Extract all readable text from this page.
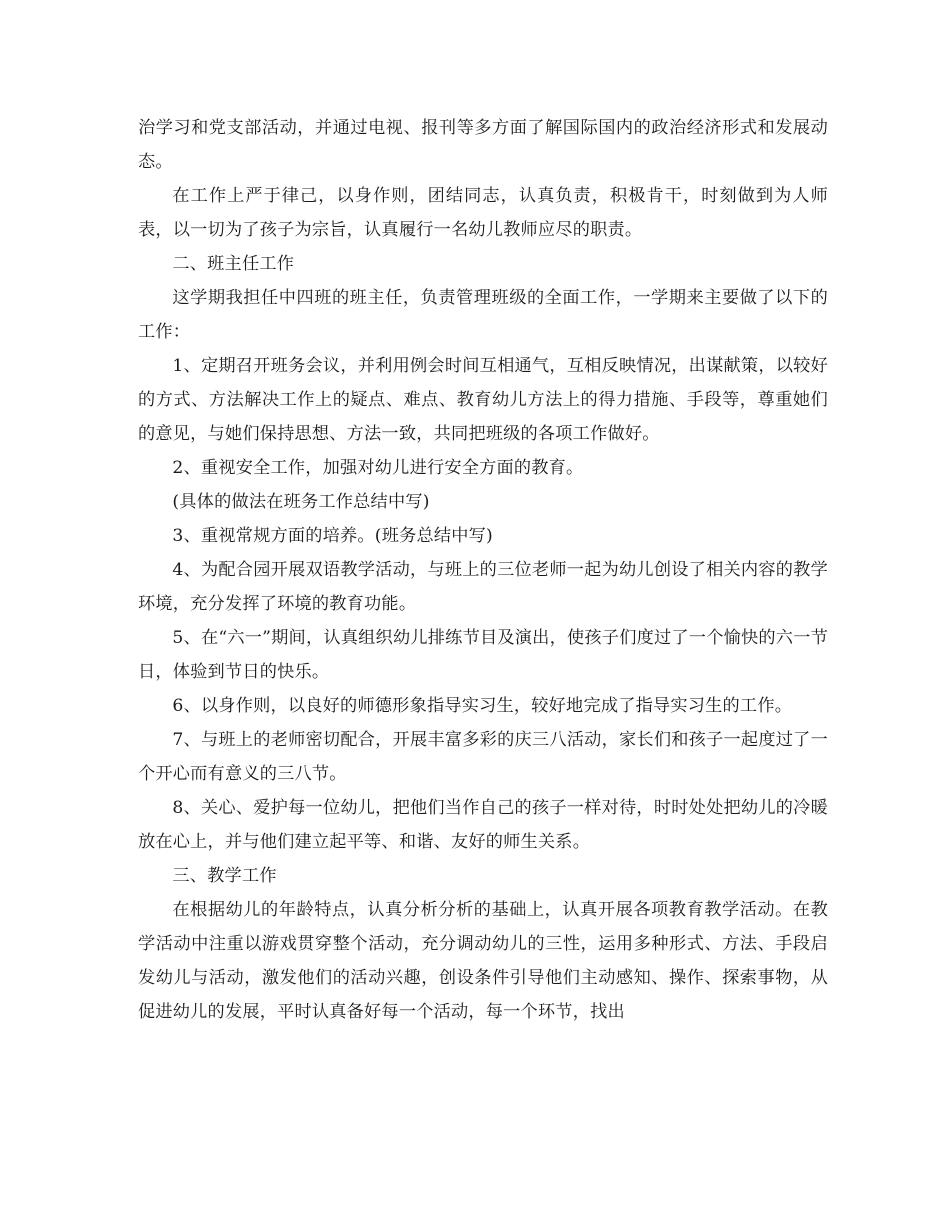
治学习和党支部活动，并通过电视、报刊等多方面了解国际国内的政治经济形式和发展动态。

在工作上严于律己，以身作则，团结同志，认真负责，积极肯干，时刻做到为人师表，以一切为了孩子为宗旨，认真履行一名幼儿教师应尽的职责。

二、班主任工作

这学期我担任中四班的班主任，负责管理班级的全面工作，一学期来主要做了以下的工作：

1、定期召开班务会议，并利用例会时间互相通气，互相反映情况，出谋献策，以较好的方式、方法解决工作上的疑点、难点、教育幼儿方法上的得力措施、手段等，尊重她们的意见，与她们保持思想、方法一致，共同把班级的各项工作做好。

2、重视安全工作，加强对幼儿进行安全方面的教育。

(具体的做法在班务工作总结中写)

3、重视常规方面的培养。(班务总结中写)

4、为配合园开展双语教学活动，与班上的三位老师一起为幼儿创设了相关内容的教学环境，充分发挥了环境的教育功能。

5、在“六一”期间，认真组织幼儿排练节目及演出，使孩子们度过了一个愉快的六一节日，体验到节日的快乐。

6、以身作则，以良好的师德形象指导实习生，较好地完成了指导实习生的工作。

7、与班上的老师密切配合，开展丰富多彩的庆三八活动，家长们和孩子一起度过了一个开心而有意义的三八节。

8、关心、爱护每一位幼儿，把他们当作自己的孩子一样对待，时时处处把幼儿的冷暖放在心上，并与他们建立起平等、和谐、友好的师生关系。

三、教学工作

在根据幼儿的年龄特点，认真分析分析的基础上，认真开展各项教育教学活动。在教学活动中注重以游戏贯穿整个活动，充分调动幼儿的三性，运用多种形式、方法、手段启发幼儿与活动，激发他们的活动兴趣，创设条件引导他们主动感知、操作、探索事物，从促进幼儿的发展，平时认真备好每一个活动，每一个环节，找出
